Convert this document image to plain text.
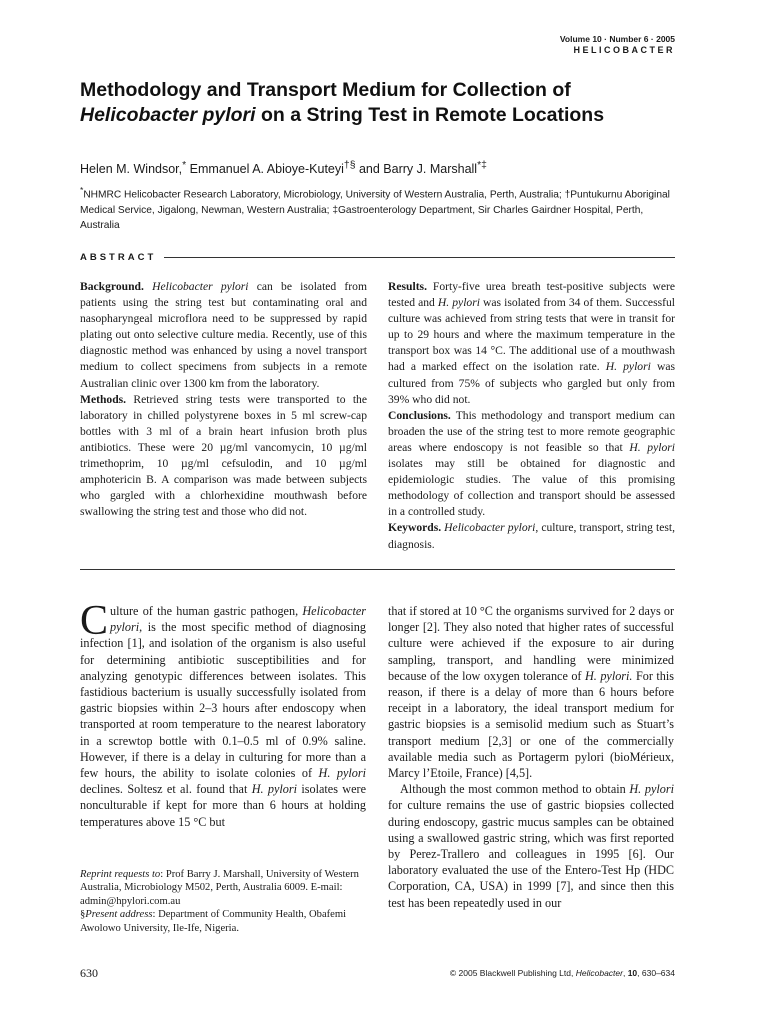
Volume 10 · Number 6 · 2005
HELICOBACTER
Methodology and Transport Medium for Collection of
Helicobacter pylori on a String Test in Remote Locations
Helen M. Windsor,* Emmanuel A. Abioye-Kuteyi†§ and Barry J. Marshall*‡
*NHMRC Helicobacter Research Laboratory, Microbiology, University of Western Australia, Perth, Australia; †Puntukurnu Aboriginal Medical Service, Jigalong, Newman, Western Australia; ‡Gastroenterology Department, Sir Charles Gairdner Hospital, Perth, Australia
ABSTRACT

Background. Helicobacter pylori can be isolated from patients using the string test but contaminating oral and nasopharyngeal microflora need to be suppressed by rapid plating out onto selective culture media. Recently, use of this diagnostic method was enhanced by using a novel transport medium to collect specimens from subjects in a remote Australian clinic over 1300 km from the laboratory.

Methods. Retrieved string tests were transported to the laboratory in chilled polystyrene boxes in 5 ml screw-cap bottles with 3 ml of a brain heart infusion broth plus antibiotics. These were 20 µg/ml vancomycin, 10 µg/ml trimethoprim, 10 µg/ml cefsulodin, and 10 µg/ml amphotericin B. A comparison was made between subjects who gargled with a chlorhexidine mouthwash before swallowing the string test and those who did not.

Results. Forty-five urea breath test-positive subjects were tested and H. pylori was isolated from 34 of them. Successful culture was achieved from string tests that were in transit for up to 29 hours and where the maximum temperature in the transport box was 14 °C. The additional use of a mouthwash had a marked effect on the isolation rate. H. pylori was cultured from 75% of subjects who gargled but only from 39% who did not.

Conclusions. This methodology and transport medium can broaden the use of the string test to more remote geographic areas where endoscopy is not feasible so that H. pylori isolates may still be obtained for diagnostic and epidemiologic studies. The value of this promising methodology of collection and transport should be assessed in a controlled study.

Keywords. Helicobacter pylori, culture, transport, string test, diagnosis.

Culture of the human gastric pathogen, Helicobacter pylori, is the most specific method of diagnosing infection [1], and isolation of the organism is also useful for determining antibiotic susceptibilities and for analyzing genotypic differences between isolates. This fastidious bacterium is usually successfully isolated from gastric biopsies within 2–3 hours after endoscopy when transported at room temperature to the nearest laboratory in a screwtop bottle with 0.1–0.5 ml of 0.9% saline. However, if there is a delay in culturing for more than a few hours, the ability to isolate colonies of H. pylori declines. Soltesz et al. found that H. pylori isolates were nonculturable if kept for more than 6 hours at holding temperatures above 15 °C but

Reprint requests to: Prof Barry J. Marshall, University of Western Australia, Microbiology M502, Perth, Australia 6009. E-mail: admin@hpylori.com.au

§Present address: Department of Community Health, Obafemi Awolowo University, Ile-Ife, Nigeria.

that if stored at 10 °C the organisms survived for 2 days or longer [2]. They also noted that higher rates of successful culture were achieved if the exposure to air during sampling, transport, and handling were minimized because of the low oxygen tolerance of H. pylori. For this reason, if there is a delay of more than 6 hours before receipt in a laboratory, the ideal transport medium for gastric biopsies is a semisolid medium such as Stuart’s transport medium [2,3] or one of the commercially available media such as Portagerm pylori (bioMérieux, Marcy l’Etoile, France) [4,5].

Although the most common method to obtain H. pylori for culture remains the use of gastric biopsies collected during endoscopy, gastric mucus samples can be obtained using a swallowed gastric string, which was first reported by Perez-Trallero and colleagues in 1995 [6]. Our laboratory evaluated the use of the Entero-Test Hp (HDC Corporation, CA, USA) in 1999 [7], and since then this test has been repeatedly used in our

630	© 2005 Blackwell Publishing Ltd, Helicobacter, 10, 630–634
